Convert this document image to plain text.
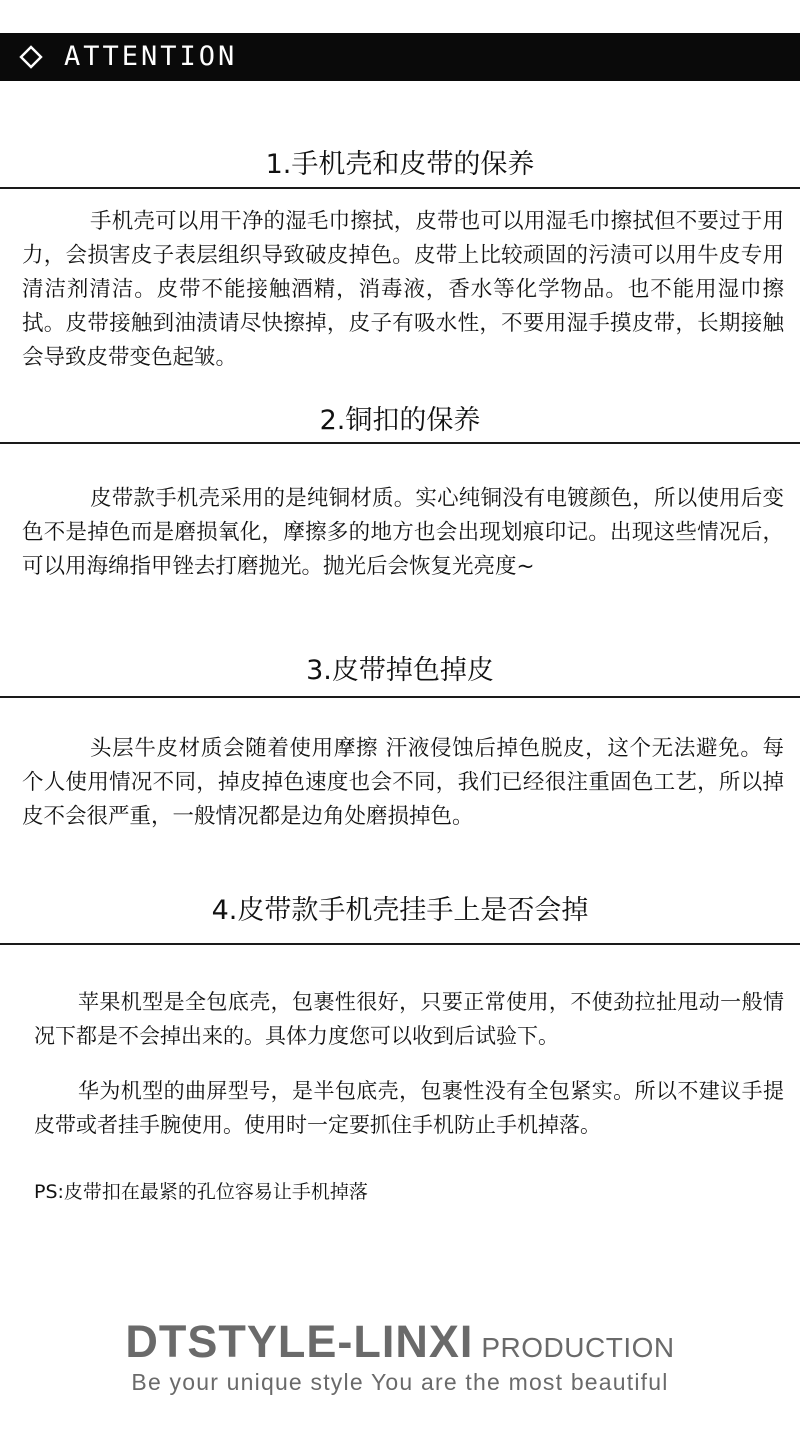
ATTENTION
1.手机壳和皮带的保养

手机壳可以用干净的湿毛巾擦拭，皮带也可以用湿毛巾擦拭但不要过于用力，会损害皮子表层组织导致破皮掉色。皮带上比较顽固的污渍可以用牛皮专用清洁剂清洁。皮带不能接触酒精，消毒液，香水等化学物品。也不能用湿巾擦拭。皮带接触到油渍请尽快擦掉，皮子有吸水性，不要用湿手摸皮带，长期接触会导致皮带变色起皱。

2.铜扣的保养

皮带款手机壳采用的是纯铜材质。实心纯铜没有电镀颜色，所以使用后变色不是掉色而是磨损氧化，摩擦多的地方也会出现划痕印记。出现这些情况后，可以用海绵指甲锉去打磨抛光。抛光后会恢复光亮度~

3.皮带掉色掉皮

头层牛皮材质会随着使用摩擦 汗液侵蚀后掉色脱皮，这个无法避免。每个人使用情况不同，掉皮掉色速度也会不同，我们已经很注重固色工艺，所以掉皮不会很严重，一般情况都是边角处磨损掉色。

4.皮带款手机壳挂手上是否会掉

苹果机型是全包底壳，包裹性很好，只要正常使用，不使劲拉扯甩动一般情况下都是不会掉出来的。具体力度您可以收到后试验下。

华为机型的曲屏型号，是半包底壳，包裹性没有全包紧实。所以不建议手提皮带或者挂手腕使用。使用时一定要抓住手机防止手机掉落。

PS:皮带扣在最紧的孔位容易让手机掉落
DTSTYLE-LINXI PRODUCTION
Be your unique style You are the most beautiful
